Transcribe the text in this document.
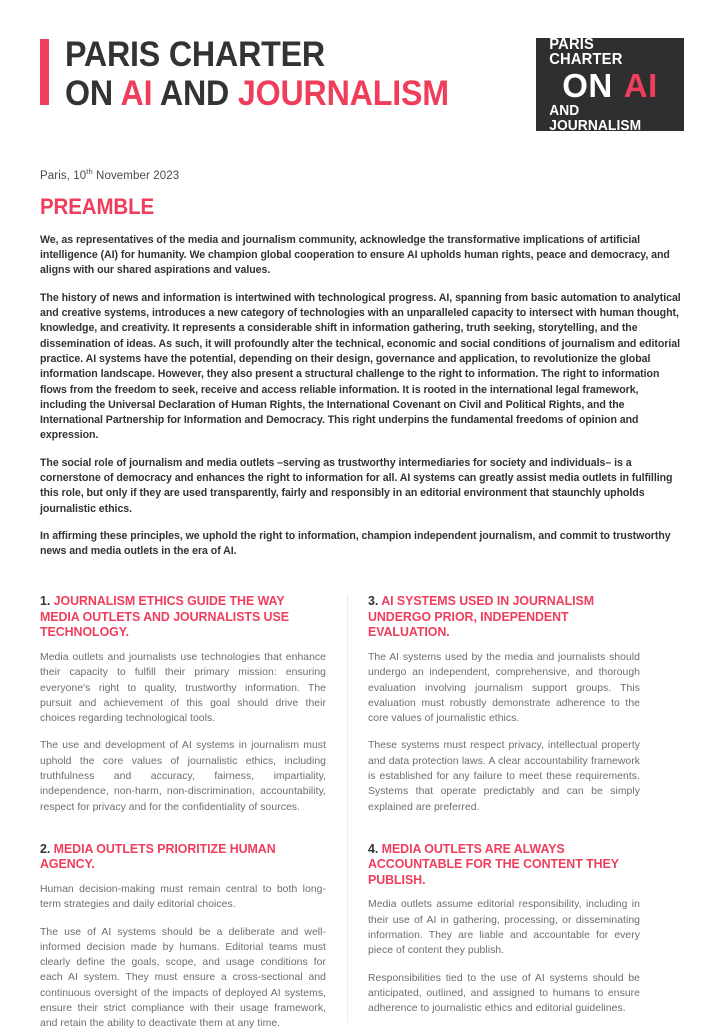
PARIS CHARTER
ON AI AND JOURNALISM
PARIS CHARTER
ON AI
AND JOURNALISM
Paris, 10th November 2023
PREAMBLE

We, as representatives of the media and journalism community, acknowledge the transformative implications of artificial intelligence (AI) for humanity. We champion global cooperation to ensure AI upholds human rights, peace and democracy, and aligns with our shared aspirations and values.

The history of news and information is intertwined with technological progress. AI, spanning from basic automation to analytical and creative systems, introduces a new category of technologies with an unparalleled capacity to intersect with human thought, knowledge, and creativity. It represents a considerable shift in information gathering, truth seeking, storytelling, and the dissemination of ideas. As such, it will profoundly alter the technical, economic and social conditions of journalism and editorial practice. AI systems have the potential, depending on their design, governance and application, to revolutionize the global information landscape. However, they also present a structural challenge to the right to information. The right to information flows from the freedom to seek, receive and access reliable information. It is rooted in the international legal framework, including the Universal Declaration of Human Rights, the International Covenant on Civil and Political Rights, and the International Partnership for Information and Democracy. This right underpins the fundamental freedoms of opinion and expression.

The social role of journalism and media outlets –serving as trustworthy intermediaries for society and individuals– is a cornerstone of democracy and enhances the right to information for all. AI systems can greatly assist media outlets in fulfilling this role, but only if they are used transparently, fairly and responsibly in an editorial environment that staunchly upholds journalistic ethics.

In affirming these principles, we uphold the right to information, champion independent journalism, and commit to trustworthy news and media outlets in the era of AI.

1. JOURNALISM ETHICS GUIDE THE WAY MEDIA OUTLETS AND JOURNALISTS USE TECHNOLOGY.

Media outlets and journalists use technologies that enhance their capacity to fulfill their primary mission: ensuring everyone's right to quality, trustworthy information. The pursuit and achievement of this goal should drive their choices regarding technological tools.

The use and development of AI systems in journalism must uphold the core values of journalistic ethics, including truthfulness and accuracy, fairness, impartiality, independence, non-harm, non-discrimination, accountability, respect for privacy and for the confidentiality of sources.

2. MEDIA OUTLETS PRIORITIZE HUMAN AGENCY.

Human decision-making must remain central to both long-term strategies and daily editorial choices.

The use of AI systems should be a deliberate and well-informed decision made by humans. Editorial teams must clearly define the goals, scope, and usage conditions for each AI system. They must ensure a cross-sectional and continuous oversight of the impacts of deployed AI systems, ensure their strict compliance with their usage framework, and retain the ability to deactivate them at any time.

3. AI SYSTEMS USED IN JOURNALISM UNDERGO PRIOR, INDEPENDENT EVALUATION.

The AI systems used by the media and journalists should undergo an independent, comprehensive, and thorough evaluation involving journalism support groups. This evaluation must robustly demonstrate adherence to the core values of journalistic ethics.

These systems must respect privacy, intellectual property and data protection laws. A clear accountability framework is established for any failure to meet these requirements. Systems that operate predictably and can be simply explained are preferred.

4. MEDIA OUTLETS ARE ALWAYS ACCOUNTABLE FOR THE CONTENT THEY PUBLISH.

Media outlets assume editorial responsibility, including in their use of AI in gathering, processing, or disseminating information. They are liable and accountable for every piece of content they publish.

Responsibilities tied to the use of AI systems should be anticipated, outlined, and assigned to humans to ensure adherence to journalistic ethics and editorial guidelines.
